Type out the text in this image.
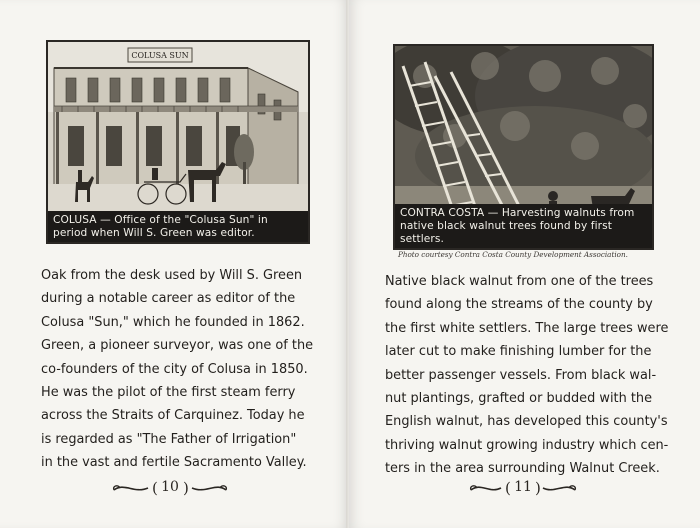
COLUSA SUN
COLUSA — Office of the "Colusa Sun" in
period when Will S. Green was editor.

Oak from the desk used by Will S. Green
during a notable career as editor of the
Colusa "Sun," which he founded in 1862.
Green, a pioneer surveyor, was one of the
co-founders of the city of Colusa in 1850.
He was the pilot of the first steam ferry
across the Straits of Carquinez. Today he
is regarded as "The Father of Irrigation"
in the vast and fertile Sacramento Valley.

( )
10
CONTRA COSTA — Harvesting walnuts from
native black walnut trees found by first settlers.
Photo courtesy Contra Costa County Development Association.

Native black walnut from one of the trees
found along the streams of the county by
the first white settlers. The large trees were
later cut to make finishing lumber for the
better passenger vessels. From black wal-
nut plantings, grafted or budded with the
English walnut, has developed this county's
thriving walnut growing industry which cen-
ters in the area surrounding Walnut Creek.

( )
11
